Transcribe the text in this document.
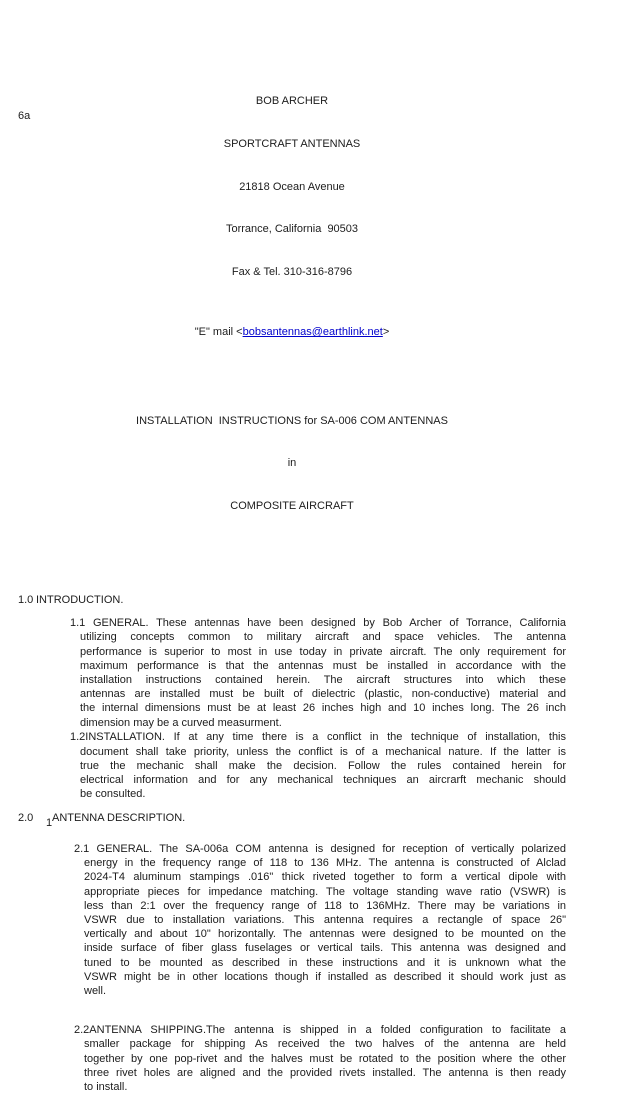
6a

BOB ARCHER

SPORTCRAFT ANTENNAS

21818 Ocean Avenue

Torrance, California  90503

Fax & Tel. 310-316-8796

"E" mail <bobsantennas@earthlink.net>

INSTALLATION  INSTRUCTIONS for SA-006 COM ANTENNAS

in

COMPOSITE AIRCRAFT

1.0 INTRODUCTION.
1.1 GENERAL. These antennas have been designed by Bob Archer of Torrance, California
utilizing concepts common to military aircraft and space vehicles. The antenna
performance is superior to most in use today in private aircraft. The only requirement for
maximum performance is that the antennas must be installed in accordance with the
installation instructions contained herein. The aircraft structures into which these
antennas are installed must be built of dielectric (plastic, non-conductive) material and
the internal dimensions must be at least 26 inches high and 10 inches long. The 26 inch
dimension may be a curved measurment.
1.2INSTALLATION. If at any time there is a conflict in the technique of installation, this
document shall take priority, unless the conflict is of a mechanical nature. If the latter is
true the mechanic shall make the decision. Follow the rules contained herein for
electrical information and for any mechanical techniques an aircrarft mechanic should
be consulted.
2.0 ANTENNA DESCRIPTION.
2.1 GENERAL. The SA-006a COM antenna is designed for reception of vertically polarized
energy in the frequency range of 118 to 136 MHz. The antenna is constructed of Alclad
2024-T4 aluminum stampings .016" thick riveted together to form a vertical dipole with
appropriate pieces for impedance matching. The voltage standing wave ratio (VSWR) is
less than 2:1 over the frequency range of 118 to 136MHz. There may be variations in
VSWR due to installation variations. This antenna requires a rectangle of space 26"
vertically and about 10" horizontally. The antennas were designed to be mounted on the
inside surface of fiber glass fuselages or vertical tails. This antenna was designed and
tuned to be mounted as described in these instructions and it is unknown what the
VSWR might be in other locations though if installed as described it should work just as
well.
2.2ANTENNA SHIPPING.The antenna is shipped in a folded configuration to facilitate a
smaller package for shipping As received the two halves of the antenna are held
together by one pop-rivet and the halves must be rotated to the position where the other
three rivet holes are aligned and the provided rivets installed. The antenna is then ready
to install.
1
